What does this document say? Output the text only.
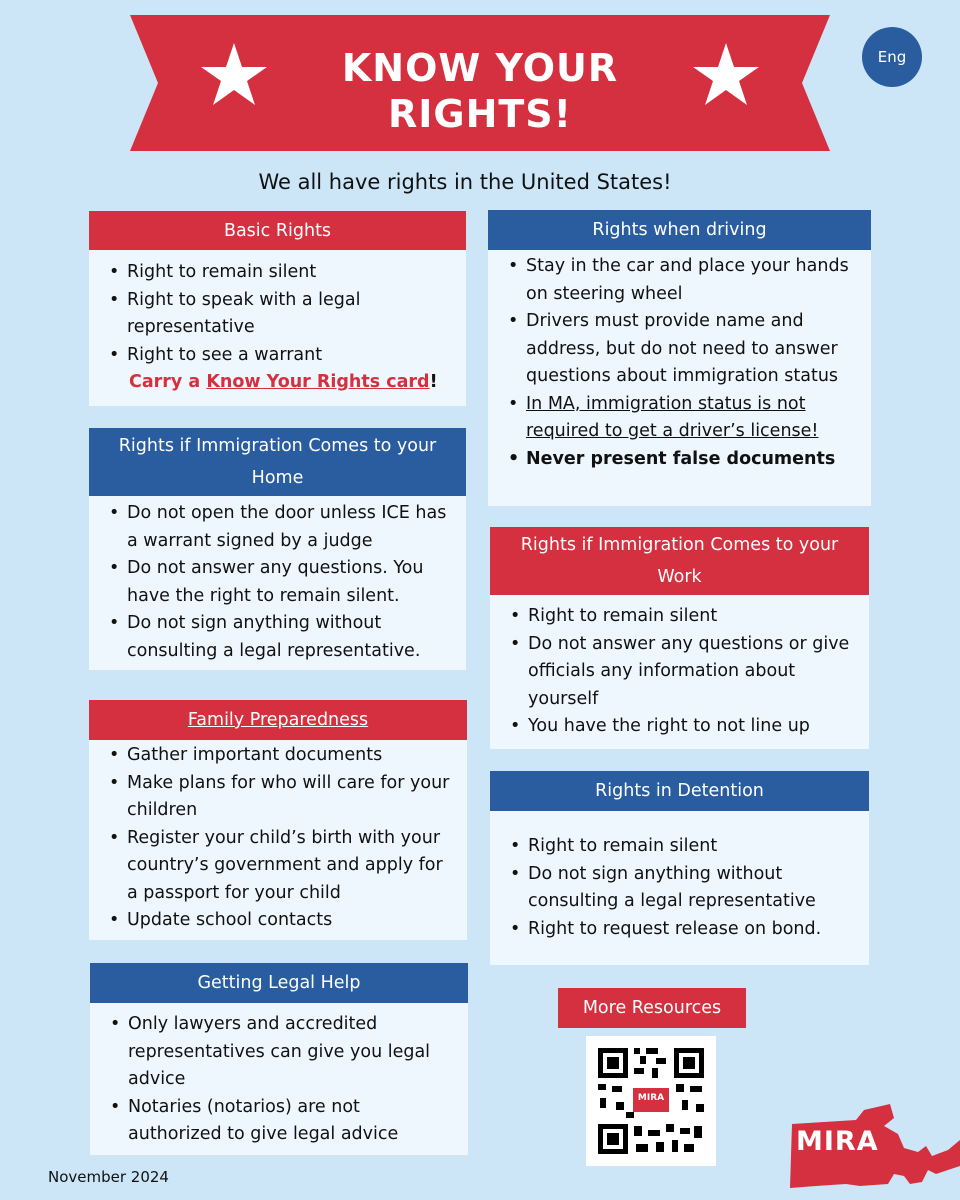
KNOW YOUR
RIGHTS!
Eng
We all have rights in the United States!
Basic Rights
• Right to remain silent
• Right to speak with a legal representative
• Right to see a warrant
Carry a Know Your Rights card!
Rights if Immigration Comes to your Home
• Do not open the door unless ICE has a warrant signed by a judge
• Do not answer any questions. You have the right to remain silent.
• Do not sign anything without consulting a legal representative.
Family Preparedness
• Gather important documents
• Make plans for who will care for your children
• Register your child’s birth with your country’s government and apply for a passport for your child
• Update school contacts
Getting Legal Help
• Only lawyers and accredited representatives can give you legal advice
• Notaries (notarios) are not authorized to give legal advice
Rights when driving
• Stay in the car and place your hands on steering wheel
• Drivers must provide name and address, but do not need to answer questions about immigration status
• In MA, immigration status is not required to get a driver’s license!
• Never present false documents
Rights if Immigration Comes to your Work
• Right to remain silent
• Do not answer any questions or give officials any information about yourself
• You have the right to not line up
Rights in Detention
• Right to remain silent
• Do not sign anything without consulting a legal representative
• Right to request release on bond.
More Resources
MIRA
MIRA
November 2024
